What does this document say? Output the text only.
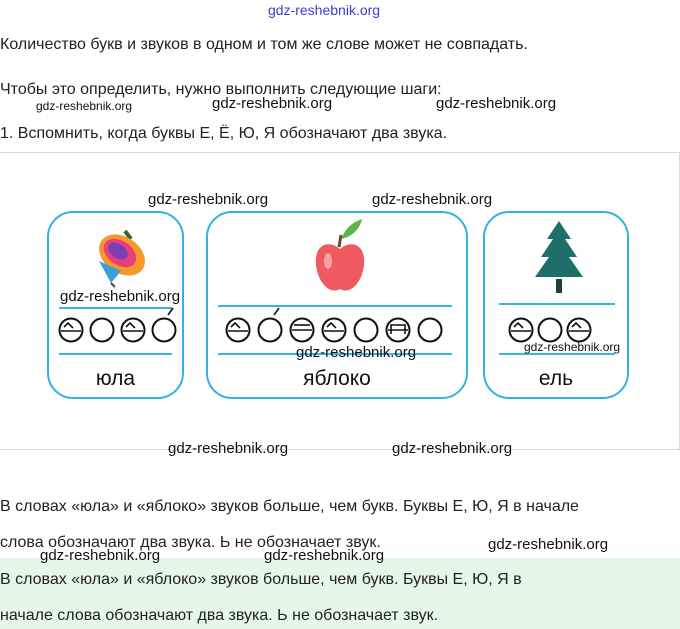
gdz-reshebnik.org
Количество букв и звуков в одном и том же слове может не совпадать.
Чтобы это определить, нужно выполнить следующие шаги:
gdz-reshebnik.org	gdz-reshebnik.org	gdz-reshebnik.org
1. Вспомнить, когда буквы Е, Ё, Ю, Я обозначают два звука.
юла	яблоко	ель
gdz-reshebnik.org	gdz-reshebnik.org
gdz-reshebnik.org
gdz-reshebnik.org	gdz-reshebnik.org
gdz-reshebnik.org	gdz-reshebnik.org
В словах «юла» и «яблоко» звуков больше, чем букв. Буквы Е, Ю, Я в начале
слова обозначают два звука. Ь не обозначает звук.
gdz-reshebnik.org	gdz-reshebnik.org
gdz-reshebnik.org
В словах «юла» и «яблоко» звуков больше, чем букв. Буквы Е, Ю, Я в
начале слова обозначают два звука. Ь не обозначает звук.
